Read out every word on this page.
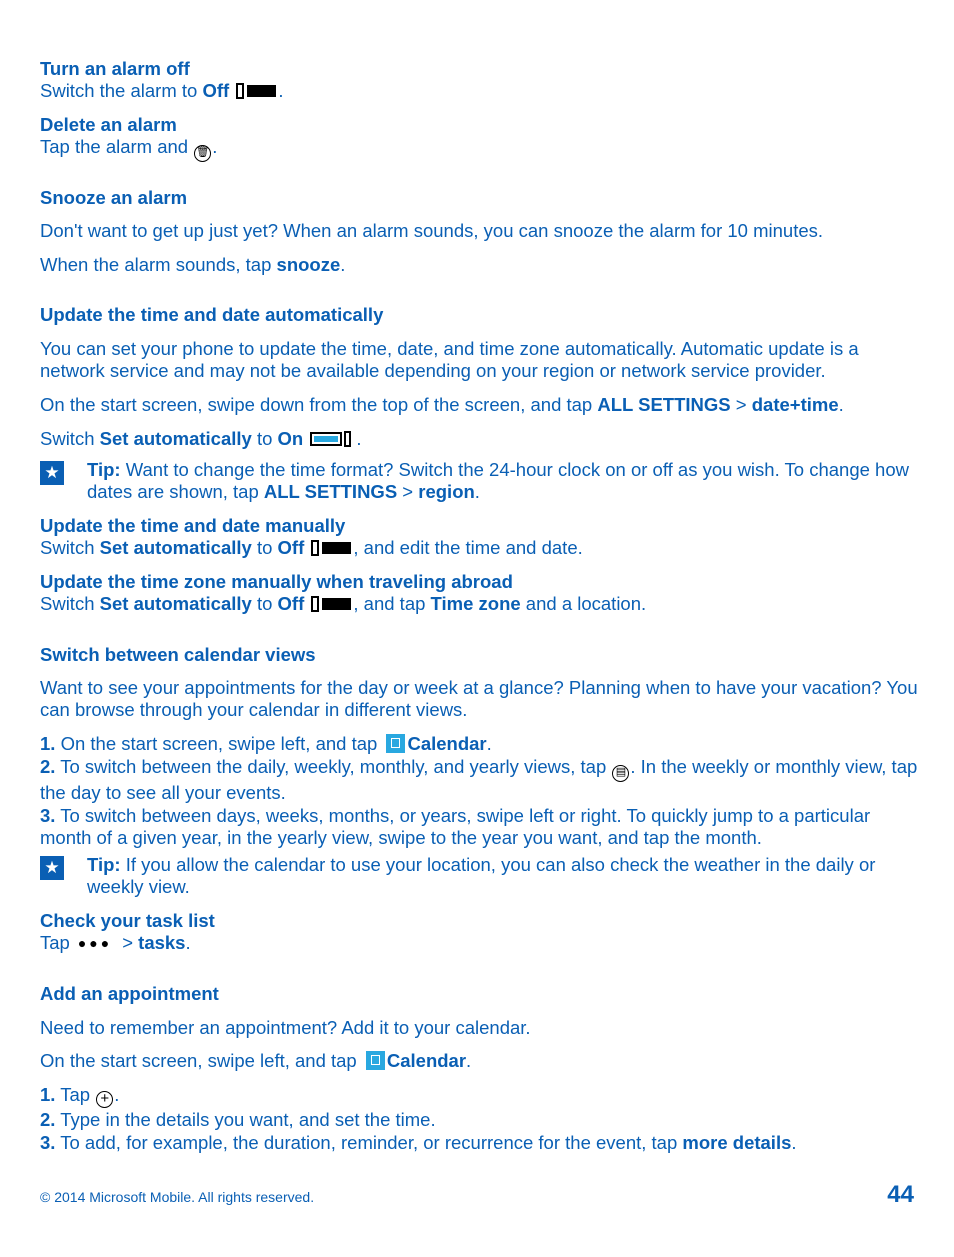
Turn an alarm off
Switch the alarm to Off	.
Delete an alarm
Tap the alarm and 🗑 .
Snooze an alarm
Don't want to get up just yet? When an alarm sounds, you can snooze the alarm for 10 minutes.
When the alarm sounds, tap snooze.
Update the time and date automatically
You can set your phone to update the time, date, and time zone automatically. Automatic update is a network service and may not be available depending on your region or network service provider.
On the start screen, swipe down from the top of the screen, and tap ALL SETTINGS > date+time.
Switch Set automatically to On	.
★ Tip: Want to change the time format? Switch the 24-hour clock on or off as you wish. To change how dates are shown, tap ALL SETTINGS > region.
Update the time and date manually
Switch Set automatically to Off	, and edit the time and date.
Update the time zone manually when traveling abroad
Switch Set automatically to Off	, and tap Time zone and a location.
Switch between calendar views
Want to see your appointments for the day or week at a glance? Planning when to have your vacation? You can browse through your calendar in different views.
1. On the start screen, swipe left, and tap Calendar.
2. To switch between the daily, weekly, monthly, and yearly views, tap ▤ . In the weekly or monthly view, tap the day to see all your events.
3. To switch between days, weeks, months, or years, swipe left or right. To quickly jump to a particular month of a given year, in the yearly view, swipe to the year you want, and tap the month.
★ Tip: If you allow the calendar to use your location, you can also check the weather in the daily or weekly view.
Check your task list
Tap ●●● > tasks.
Add an appointment
Need to remember an appointment? Add it to your calendar.
On the start screen, swipe left, and tap Calendar.
1. Tap + .
2. Type in the details you want, and set the time.
3. To add, for example, the duration, reminder, or recurrence for the event, tap more details.
© 2014 Microsoft Mobile. All rights reserved.	44
